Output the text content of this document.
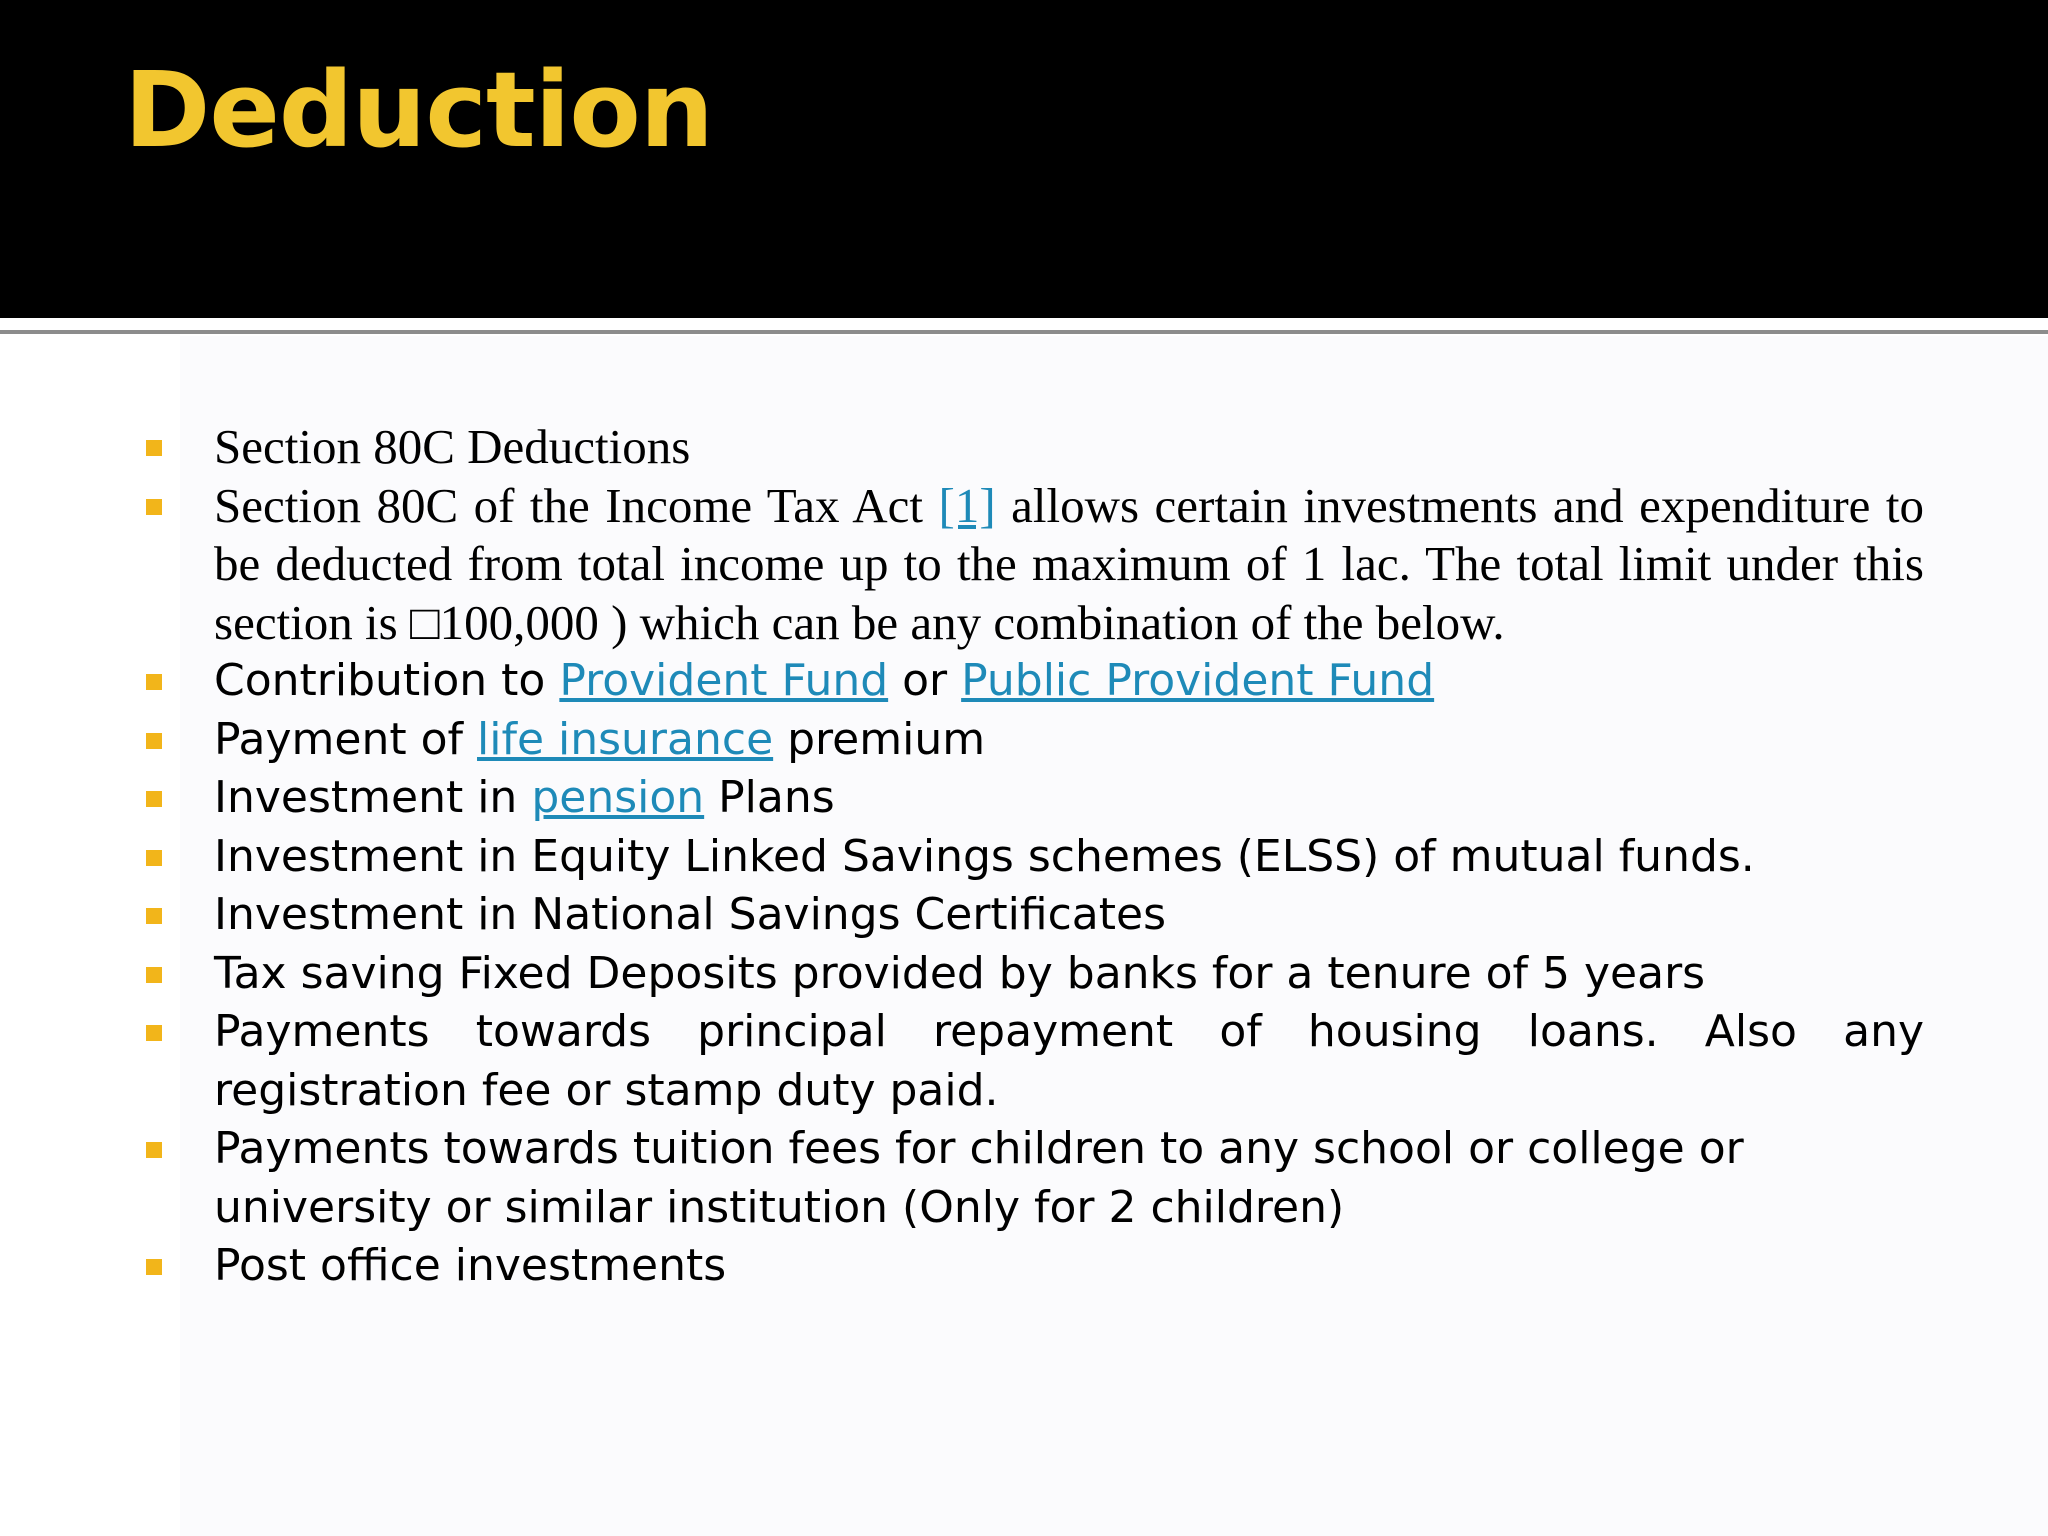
Deduction
Section 80C Deductions
Section 80C of the Income Tax Act [1] allows certain investments and expenditure to be deducted from total income up to the maximum of 1 lac. The total limit under this section is □100,000 ) which can be any combination of the below.
Contribution to Provident Fund or Public Provident Fund
Payment of life insurance premium
Investment in pension Plans
Investment in Equity Linked Savings schemes (ELSS) of mutual funds.
Investment in National Savings Certificates
Tax saving Fixed Deposits provided by banks for a tenure of 5 years
Payments towards principal repayment of housing loans. Also any registration fee or stamp duty paid.
Payments towards tuition fees for children to any school or college or university or similar institution (Only for 2 children)
Post office investments
